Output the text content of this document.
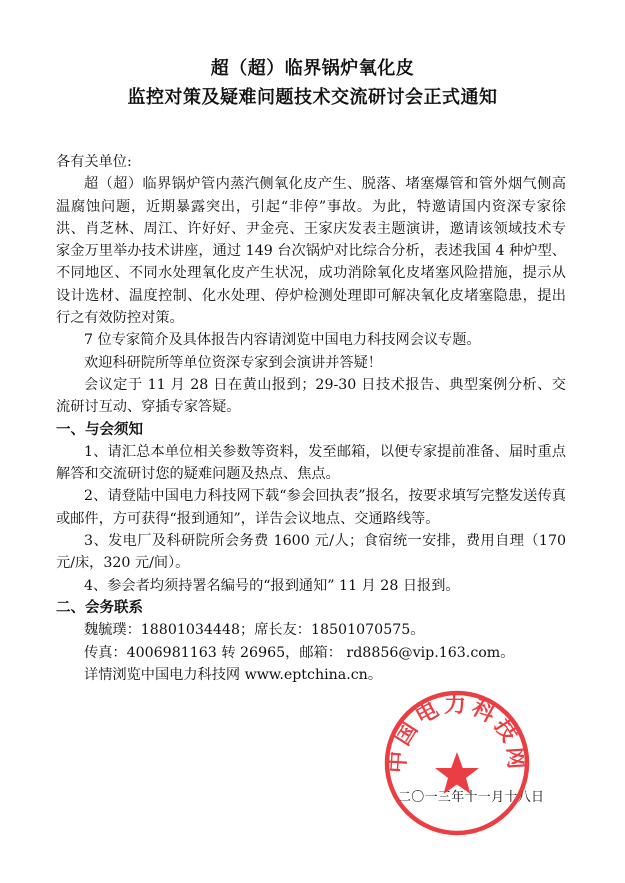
超（超）临界锅炉氧化皮
监控对策及疑难问题技术交流研讨会正式通知

各有关单位:

超（超）临界锅炉管内蒸汽侧氧化皮产生、脱落、堵塞爆管和管外烟气侧高温腐蚀问题，近期暴露突出，引起“非停”事故。为此，特邀请国内资深专家徐洪、肖芝林、周江、许好好、尹金亮、王家庆发表主题演讲，邀请该领域技术专家金万里举办技术讲座，通过 149 台次锅炉对比综合分析，表述我国 4 种炉型、不同地区、不同水处理氧化皮产生状况，成功消除氧化皮堵塞风险措施，提示从设计选材、温度控制、化水处理、停炉检测处理即可解决氧化皮堵塞隐患，提出行之有效防控对策。

7 位专家简介及具体报告内容请浏览中国电力科技网会议专题。

欢迎科研院所等单位资深专家到会演讲并答疑！

会议定于 11 月 28 日在黄山报到；29-30 日技术报告、典型案例分析、交流研讨互动、穿插专家答疑。

一、与会须知

1、请汇总本单位相关参数等资料，发至邮箱，以便专家提前准备、届时重点解答和交流研讨您的疑难问题及热点、焦点。

2、请登陆中国电力科技网下载“参会回执表”报名，按要求填写完整发送传真或邮件，方可获得“报到通知”，详告会议地点、交通路线等。

3、发电厂及科研院所会务费 1600 元/人；食宿统一安排，费用自理（170 元/床，320 元/间）。

4、参会者均须持署名编号的“报到通知” 11 月 28 日报到。

二、会务联系

魏毓璞：18801034448；席长友：18501070575。

传真：4006981163 转 26965，邮箱： rd8856@vip.163.com。

详情浏览中国电力科技网 www.eptchina.cn。

二〇一三年十一月十八日
中国电力科技网
